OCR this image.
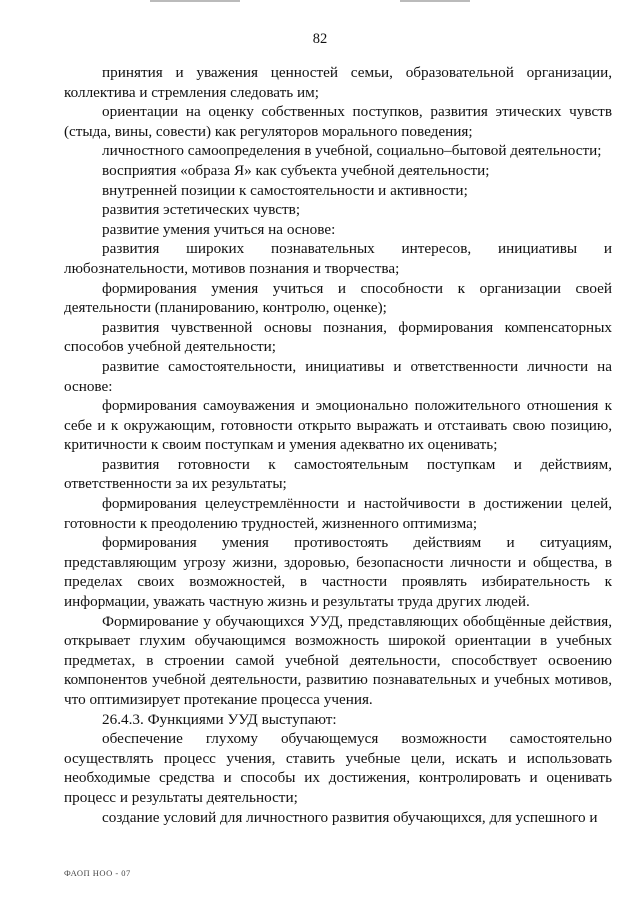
82

принятия и уважения ценностей семьи, образовательной организации, коллектива и стремления следовать им;

ориентации на оценку собственных поступков, развития этических чувств (стыда, вины, совести) как регуляторов морального поведения;

личностного самоопределения в учебной, социально–бытовой деятельности;

восприятия «образа Я» как субъекта учебной деятельности;

внутренней позиции к самостоятельности и активности;

развития эстетических чувств;

развитие умения учиться на основе:

развития широких познавательных интересов, инициативы и любознательности, мотивов познания и творчества;

формирования умения учиться и способности к организации своей деятельности (планированию, контролю, оценке);

развития чувственной основы познания, формирования компенсаторных способов учебной деятельности;

развитие самостоятельности, инициативы и ответственности личности на основе:

формирования самоуважения и эмоционально положительного отношения к себе и к окружающим, готовности открыто выражать и отстаивать свою позицию, критичности к своим поступкам и умения адекватно их оценивать;

развития готовности к самостоятельным поступкам и действиям, ответственности за их результаты;

формирования целеустремлённости и настойчивости в достижении целей, готовности к преодолению трудностей, жизненного оптимизма;

формирования умения противостоять действиям и ситуациям, представляющим угрозу жизни, здоровью, безопасности личности и общества, в пределах своих возможностей, в частности проявлять избирательность к информации, уважать частную жизнь и результаты труда других людей.

Формирование у обучающихся УУД, представляющих обобщённые действия, открывает глухим обучающимся возможность широкой ориентации в учебных предметах, в строении самой учебной деятельности, способствует освоению компонентов учебной деятельности, развитию познавательных и учебных мотивов, что оптимизирует протекание процесса учения.

26.4.3. Функциями УУД выступают:

обеспечение глухому обучающемуся возможности самостоятельно осуществлять процесс учения, ставить учебные цели, искать и использовать необходимые средства и способы их достижения, контролировать и оценивать процесс и результаты деятельности;

создание условий для личностного развития обучающихся, для успешного и

ФАОП НОО - 07
